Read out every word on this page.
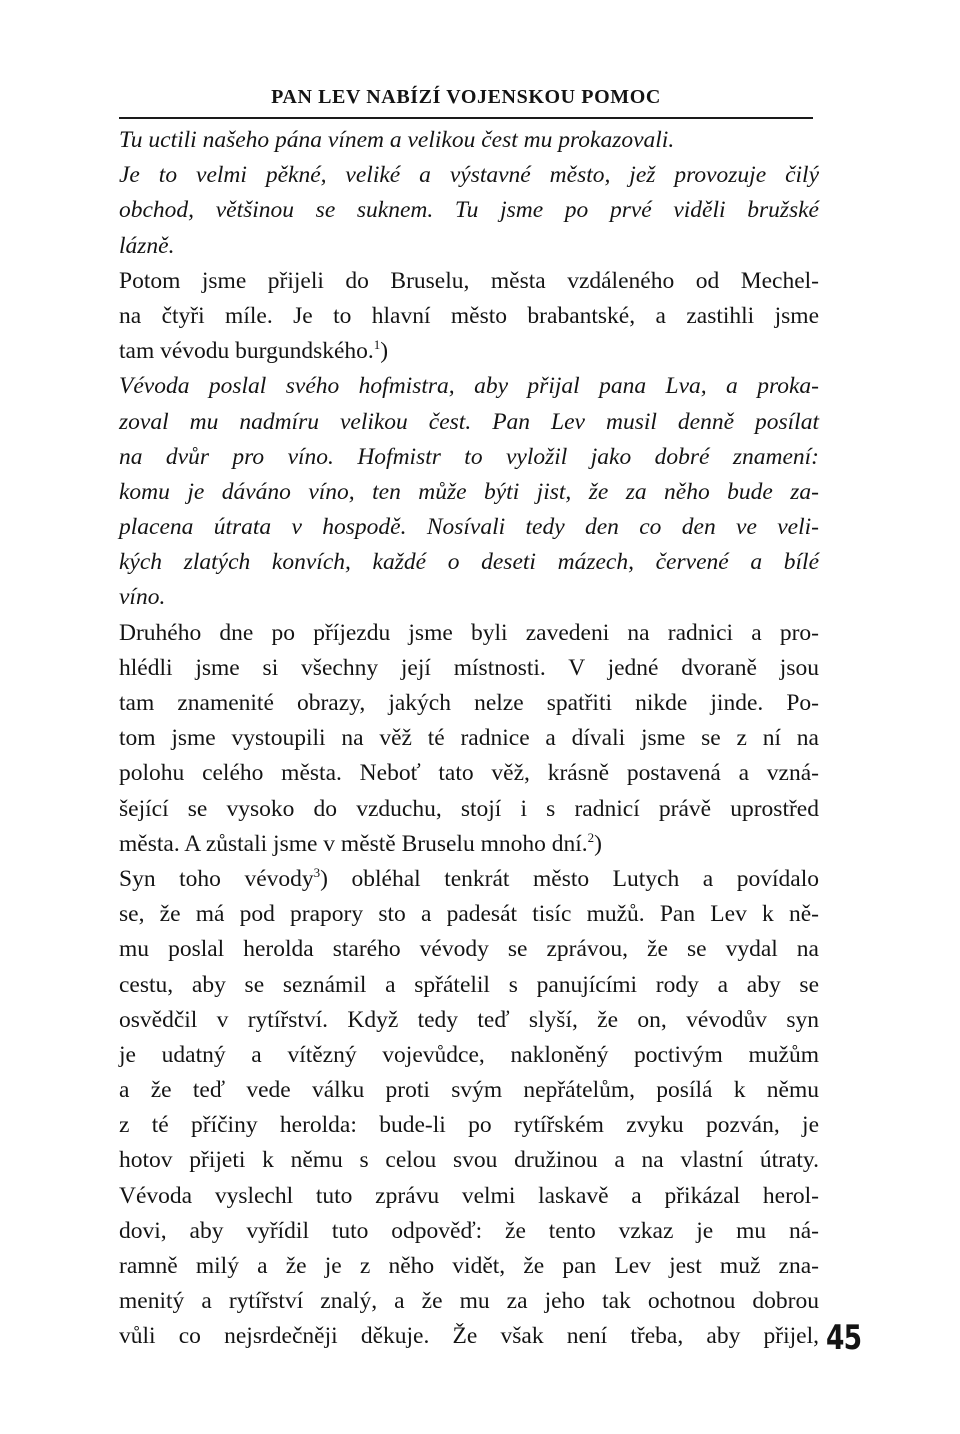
PAN LEV NABÍZÍ VOJENSKOU POMOC
Tu uctili našeho pána vínem a velikou čest mu prokazovali.
Je to velmi pěkné, veliké a výstavné město, jež provozuje čilý
obchod, většinou se suknem. Tu jsme po prvé viděli bružské
lázně.
Potom jsme přijeli do Bruselu, města vzdáleného od Mechel-
na čtyři míle. Je to hlavní město brabantské, a zastihli jsme
tam vévodu burgundského.$^1$)
Vévoda poslal svého hofmistra, aby přijal pana Lva, a proka-
zoval mu nadmíru velikou čest. Pan Lev musil denně posílat
na dvůr pro víno. Hofmistr to vyložil jako dobré znamení:
komu je dáváno víno, ten může býti jist, že za něho bude za-
placena útrata v hospodě. Nosívali tedy den co den ve veli-
kých zlatých konvích, každé o deseti mázech, červené a bílé
víno.
Druhého dne po příjezdu jsme byli zavedeni na radnici a pro-
hlédli jsme si všechny její místnosti. V jedné dvoraně jsou
tam znamenité obrazy, jakých nelze spatřiti nikde jinde. Po-
tom jsme vystoupili na věž té radnice a dívali jsme se z ní na
polohu celého města. Neboť tato věž, krásně postavená a vzná-
šející se vysoko do vzduchu, stojí i s radnicí právě uprostřed
města. A zůstali jsme v městě Bruselu mnoho dní.$^2$)
Syn toho vévody$^3$) obléhal tenkrát město Lutych a povídalo
se, že má pod prapory sto a padesát tisíc mužů. Pan Lev k ně-
mu poslal herolda starého vévody se zprávou, že se vydal na
cestu, aby se seznámil a spřátelil s panujícími rody a aby se
osvědčil v rytířství. Když tedy teď slyší, že on, vévodův syn
je udatný a vítězný vojevůdce, nakloněný poctivým mužům
a že teď vede válku proti svým nepřátelům, posílá k němu
z té příčiny herolda: bude-li po rytířském zvyku pozván, je
hotov přijeti k němu s celou svou družinou a na vlastní útraty.
Vévoda vyslechl tuto zprávu velmi laskavě a přikázal herol-
dovi, aby vyřídil tuto odpověď: že tento vzkaz je mu ná-
ramně milý a že je z něho vidět, že pan Lev jest muž zna-
menitý a rytířství znalý, a že mu za jeho tak ochotnou dobrou
vůli co nejsrdečněji děkuje. Že však není třeba, aby přijel, 45
